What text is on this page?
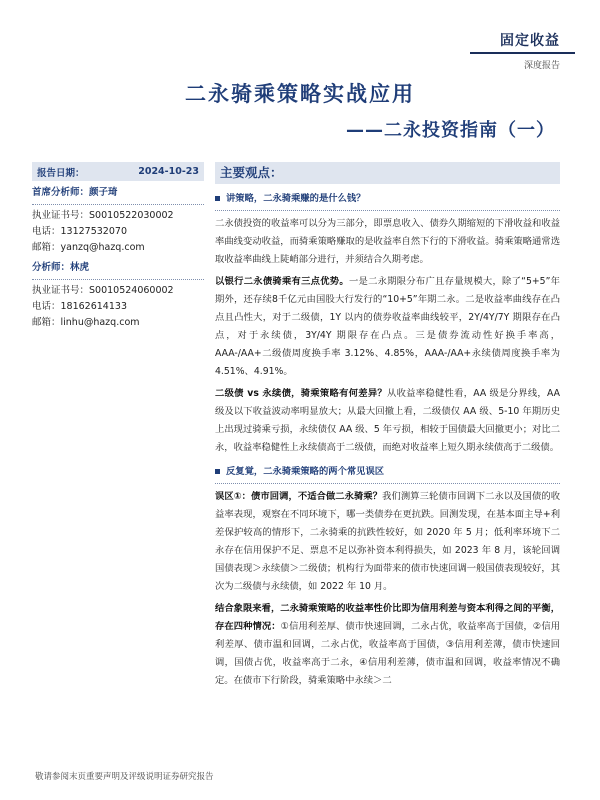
固定收益
深度报告
二永骑乘策略实战应用
——二永投资指南（一）
报告日期：	2024-10-23
首席分析师：颜子琦
执业证书号：S0010522030002
电话：13127532070
邮箱：yanzq@hazq.com
分析师：林虎
执业证书号：S0010524060002
电话：18162614133
邮箱：linhu@hazq.com
主要观点：
讲策略，二永骑乘赚的是什么钱？
二永债投资的收益率可以分为三部分，即票息收入、债券久期缩短的下滑收益和收益率曲线变动收益，而骑乘策略赚取的是收益率自然下行的下滑收益。骑乘策略通常选取收益率曲线上陡峭部分进行，并须结合久期考虑。
以银行二永债骑乘有三点优势。一是二永期限分布广且存量规模大，除了“5+5”年期外，还存续8千亿元由国股大行发行的“10+5”年期二永。二是收益率曲线存在凸点且凸性大，对于二级债，1Y 以内的债券收益率曲线较平，2Y/4Y/7Y 期限存在凸点，对于永续债，3Y/4Y 期限存在凸点。三是债券流动性好换手率高， AAA-/AA+二级债周度换手率 3.12%、4.85%，AAA-/AA+永续债周度换手率为 4.51%、4.91%。
二级债 vs 永续债，骑乘策略有何差异？从收益率稳健性看，AA 级是分界线，AA 级及以下收益波动率明显放大；从最大回撤上看，二级债仅 AA 级、5-10 年期历史上出现过骑乘亏损，永续债仅 AA 级、5 年亏损，相较于国债最大回撤更小；对比二永，收益率稳健性上永续债高于二级债，而绝对收益率上短久期永续债高于二级债。
反复覚，二永骑乘策略的两个常见误区
误区①：债市回调，不适合做二永骑乘？我们测算三轮债市回调下二永以及国债的收益率表现，观察在不同环境下，哪一类债券在更抗跌。回测发现，在基本面主导+利差保护较高的情形下，二永骑乘的抗跌性较好，如 2020 年 5 月；低利率环境下二永存在信用保护不足、票息不足以弥补资本利得损失，如 2023 年 8 月，该轮回调国债表现＞永续债＞二级债；机构行为面带来的债市快速回调一般国债表现较好，其次为二级债与永续债，如 2022 年 10 月。
结合象限来看，二永骑乘策略的收益率性价比即为信用利差与资本利得之间的平衡，存在四种情况：①信用利差厚、债市快速回调，二永占优，收益率高于国债，②信用利差厚、债市温和回调，二永占优，收益率高于国债，③信用利差薄，债市快速回调，国债占优，收益率高于二永，④信用利差薄，债市温和回调，收益率情况不确定。在债市下行阶段，骑乘策略中永续＞二
敬请参阅末页重要声明及评级说明证券研究报告
